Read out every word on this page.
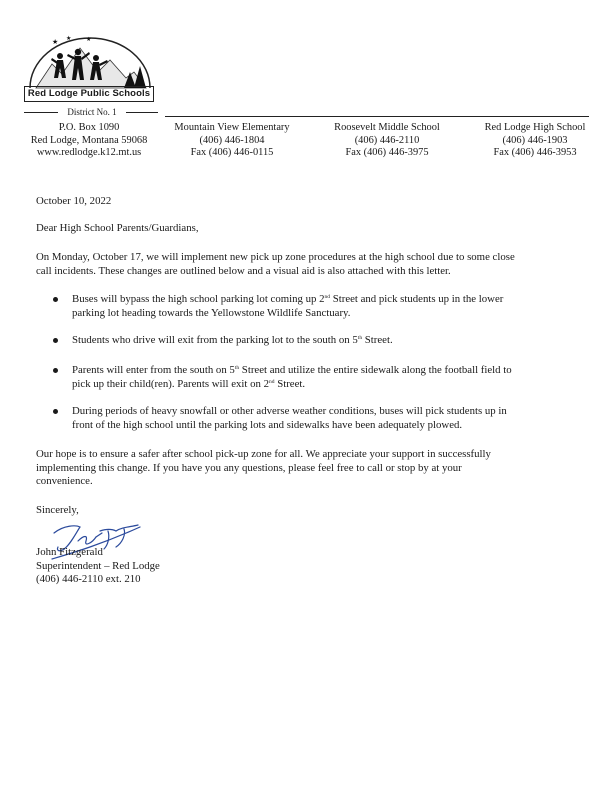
★ ★ ★
Red Lodge Public Schools
District No. 1
P.O. Box 1090
Red Lodge, Montana 59068
www.redlodge.k12.mt.us
Mountain View Elementary
(406) 446-1804
Fax (406) 446-0115
Roosevelt Middle School
(406) 446-2110
Fax (406) 446-3975
Red Lodge High School
(406) 446-1903
Fax (406) 446-3953
October 10, 2022
Dear High School Parents/Guardians,
On Monday, October 17, we will implement new pick up zone procedures at the high school due to some close
call incidents. These changes are outlined below and a visual aid is also attached with this letter.
Buses will bypass the high school parking lot coming up 2nd Street and pick students up in the lower
parking lot heading towards the Yellowstone Wildlife Sanctuary.
Students who drive will exit from the parking lot to the south on 5th Street.
Parents will enter from the south on 5th Street and utilize the entire sidewalk along the football field to
pick up their child(ren). Parents will exit on 2nd Street.
During periods of heavy snowfall or other adverse weather conditions, buses will pick students up in
front of the high school until the parking lots and sidewalks have been adequately plowed.
Our hope is to ensure a safer after school pick-up zone for all. We appreciate your support in successfully
implementing this change. If you have you any questions, please feel free to call or stop by at your
convenience.
Sincerely,
John Fitzgerald
Superintendent – Red Lodge
(406) 446-2110 ext. 210
